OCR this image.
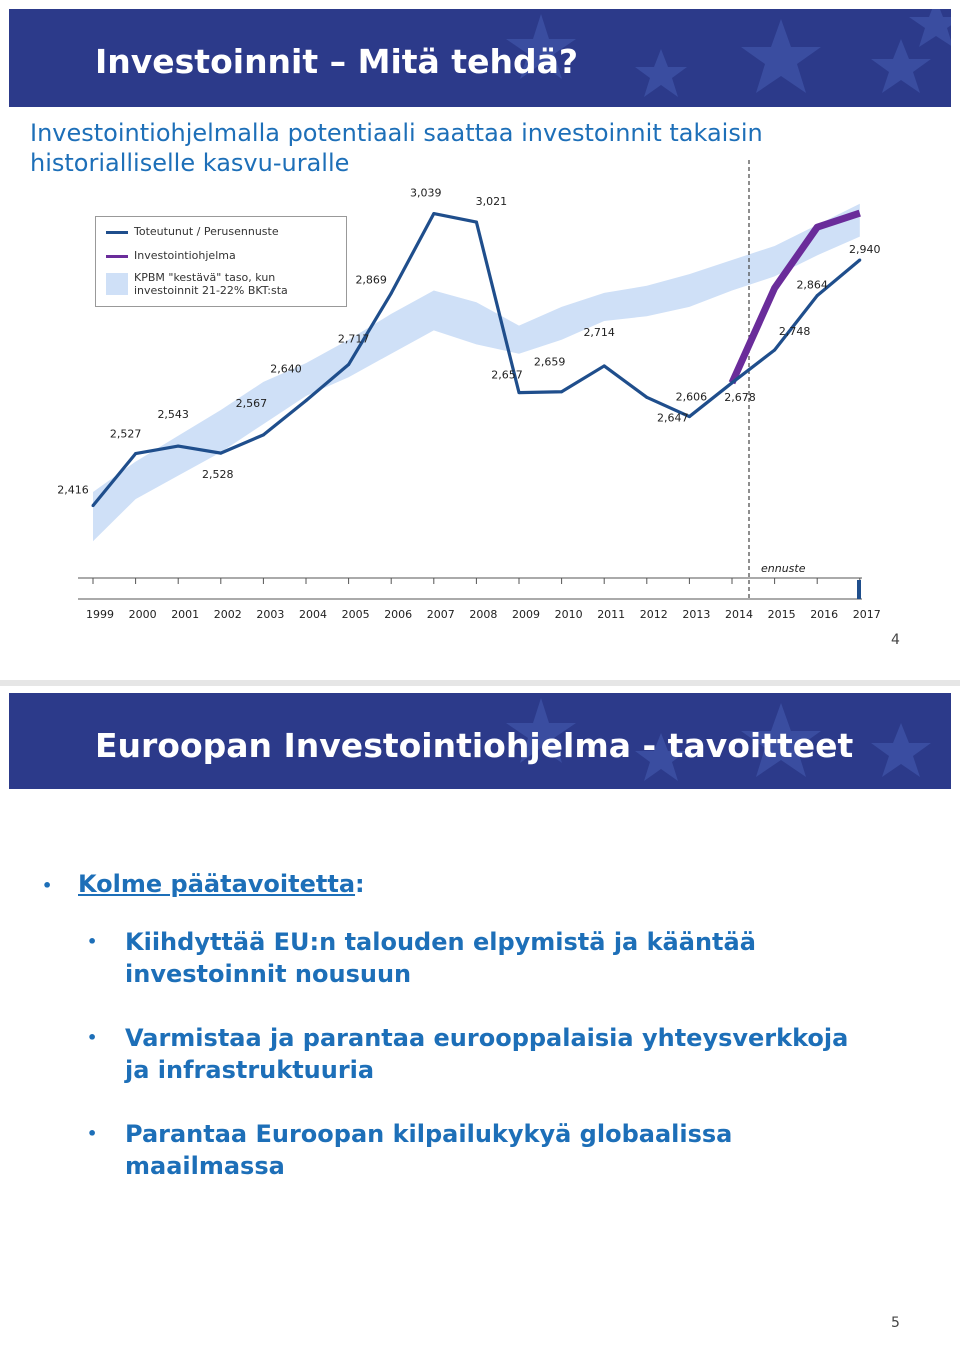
Investoinnit – Mitä tehdä?
Investointiohjelmalla potentiaali saattaa investoinnit takaisin historialliselle kasvu-uralle
1999 2000 2001 2002 2003 2004 2005 2006 2007 2008 2009 2010 2011 2012 2013 2014 2015 2016 2017
ennuste
2,416
2,527
2,543
2,528
2,567
2,640
2,717
2,869
3,039
3,021
2,657
2,659
2,714
2,647
2,606 2,678
2,748
2,864
2,940
Toteutunut / Perusennuste
Investointiohjelma
KPBM "kestävä" taso, kun investoinnit 21-22% BKT:sta
4
Euroopan Investointiohjelma - tavoitteet
• Kolme päätavoitetta:
• Kiihdyttää EU:n talouden elpymistä ja kääntää investoinnit nousuun
• Varmistaa ja parantaa eurooppalaisia yhteysverkkoja ja infrastruktuuria
• Parantaa Euroopan kilpailukykyä globaalissa maailmassa
5
